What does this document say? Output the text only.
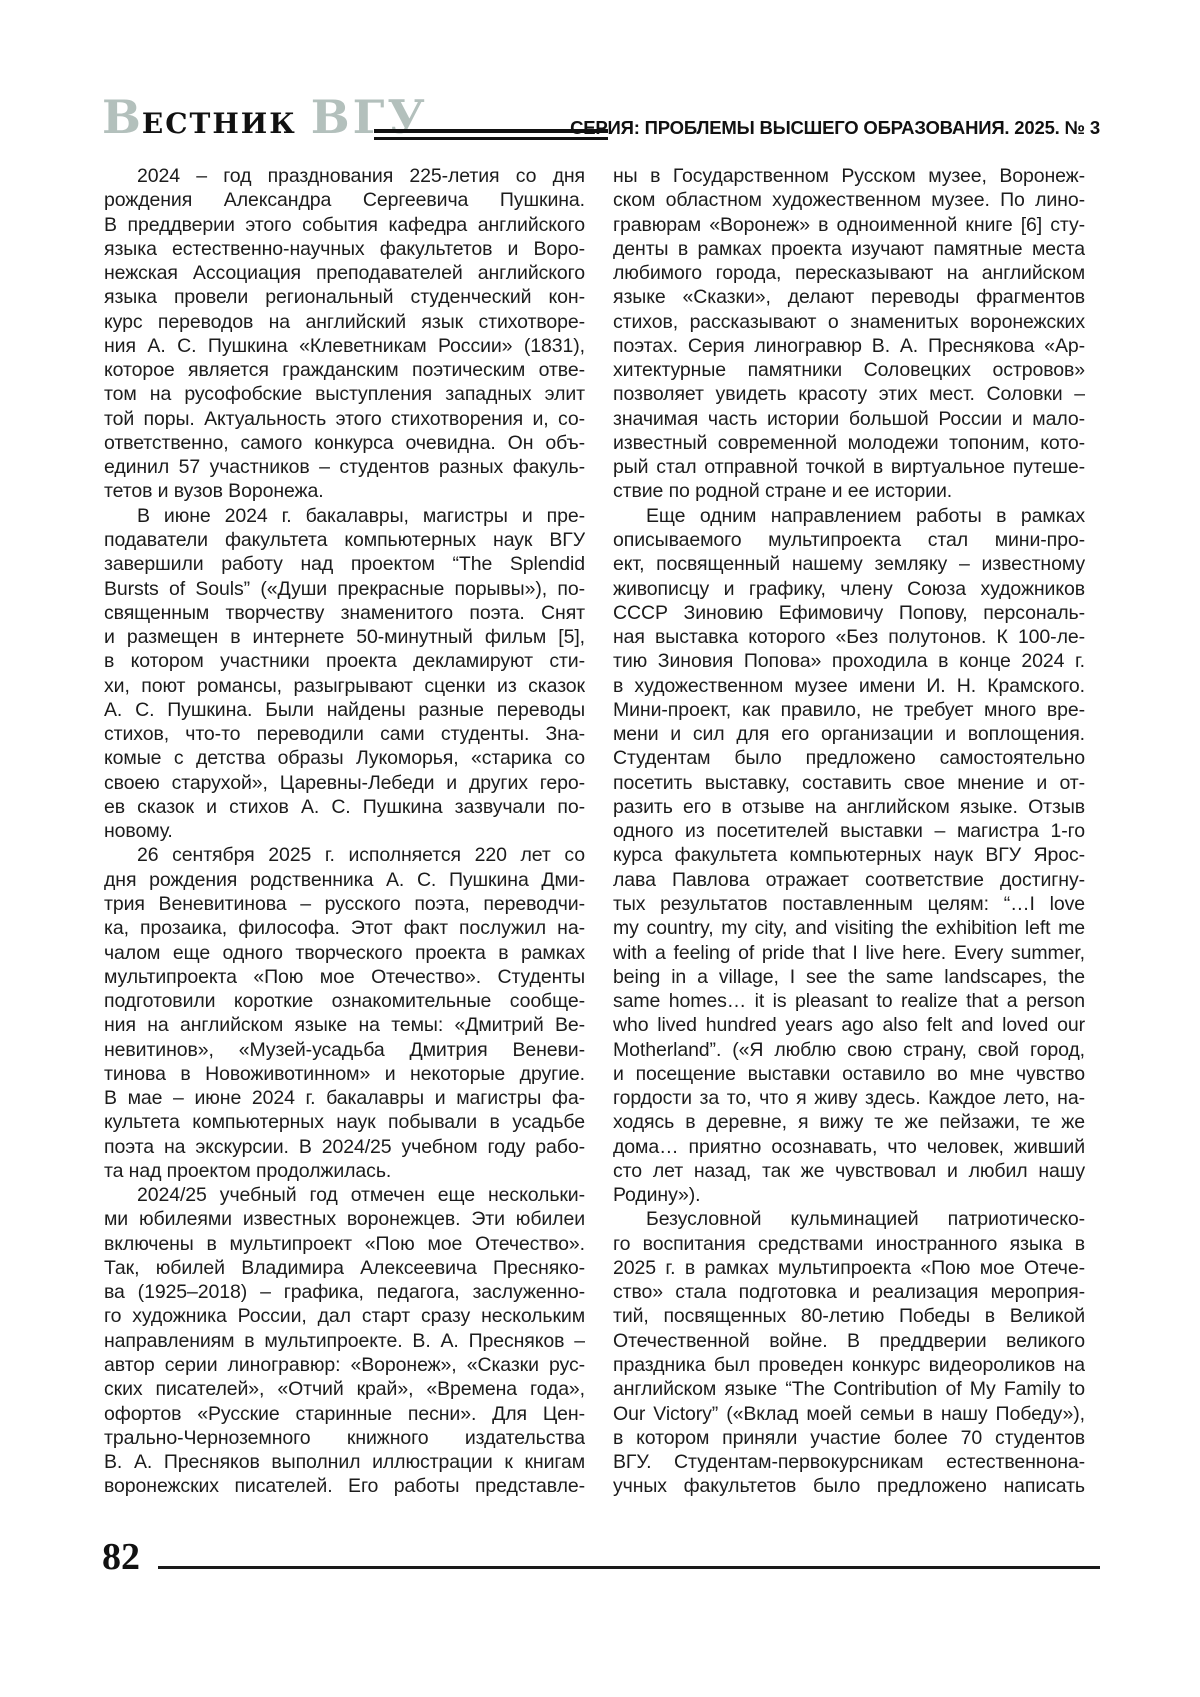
ВЕСТНИК ВГУ	СЕРИЯ: ПРОБЛЕМЫ ВЫСШЕГО ОБРАЗОВАНИЯ. 2025. № 3
2024 – год празднования 225-летия со дня
рождения Александра Сергеевича Пушкина.
В преддверии этого события кафедра английского
языка естественно-научных факультетов и Воро-
нежская Ассоциация преподавателей английского
языка провели региональный студенческий кон-
курс переводов на английский язык стихотворе-
ния А. С. Пушкина «Клеветникам России» (1831),
которое является гражданским поэтическим отве-
том на русофобские выступления западных элит
той поры. Актуальность этого стихотворения и, со-
ответственно, самого конкурса очевидна. Он объ-
единил 57 участников – студентов разных факуль-
тетов и вузов Воронежа.
В июне 2024 г. бакалавры, магистры и пре-
подаватели факультета компьютерных наук ВГУ
завершили работу над проектом “The Splendid
Bursts of Souls” («Души прекрасные порывы»), по-
священным творчеству знаменитого поэта. Снят
и размещен в интернете 50-минутный фильм [5],
в котором участники проекта декламируют сти-
хи, поют романсы, разыгрывают сценки из сказок
А. С. Пушкина. Были найдены разные переводы
стихов, что-то переводили сами студенты. Зна-
комые с детства образы Лукоморья, «старика со
своею старухой», Царевны-Лебеди и других геро-
ев сказок и стихов А. С. Пушкина зазвучали по-
новому.
26 сентября 2025 г. исполняется 220 лет со
дня рождения родственника А. С. Пушкина Дми-
трия Веневитинова – русского поэта, переводчи-
ка, прозаика, философа. Этот факт послужил на-
чалом еще одного творческого проекта в рамках
мультипроекта «Пою мое Отечество». Студенты
подготовили короткие ознакомительные сообще-
ния на английском языке на темы: «Дмитрий Ве-
невитинов», «Музей-усадьба Дмитрия Веневи-
тинова в Новоживотинном» и некоторые другие.
В мае – июне 2024 г. бакалавры и магистры фа-
культета компьютерных наук побывали в усадьбе
поэта на экскурсии. В 2024/25 учебном году рабо-
та над проектом продолжилась.
2024/25 учебный год отмечен еще нескольки-
ми юбилеями известных воронежцев. Эти юбилеи
включены в мультипроект «Пою мое Отечество».
Так, юбилей Владимира Алексеевича Пресняко-
ва (1925–2018) – графика, педагога, заслуженно-
го художника России, дал старт сразу нескольким
направлениям в мультипроекте. В. А. Пресняков –
автор серии линогравюр: «Воронеж», «Сказки рус-
ских писателей», «Отчий край», «Времена года»,
офортов «Русские старинные песни». Для Цен-
трально-Черноземного книжного издательства
В. А. Пресняков выполнил иллюстрации к книгам
воронежских писателей. Его работы представле-
ны в Государственном Русском музее, Воронеж-
ском областном художественном музее. По лино-
гравюрам «Воронеж» в одноименной книге [6] сту-
денты в рамках проекта изучают памятные места
любимого города, пересказывают на английском
языке «Сказки», делают переводы фрагментов
стихов, рассказывают о знаменитых воронежских
поэтах. Серия линогравюр В. А. Преснякова «Ар-
хитектурные памятники Соловецких островов»
позволяет увидеть красоту этих мест. Соловки –
значимая часть истории большой России и мало-
известный современной молодежи топоним, кото-
рый стал отправной точкой в виртуальное путеше-
ствие по родной стране и ее истории.
Еще одним направлением работы в рамках
описываемого мультипроекта стал мини-про-
ект, посвященный нашему земляку – известному
живописцу и графику, члену Союза художников
СССР Зиновию Ефимовичу Попову, персональ-
ная выставка которого «Без полутонов. К 100-ле-
тию Зиновия Попова» проходила в конце 2024 г.
в художественном музее имени И. Н. Крамского.
Мини-проект, как правило, не требует много вре-
мени и сил для его организации и воплощения.
Студентам было предложено самостоятельно
посетить выставку, составить свое мнение и от-
разить его в отзыве на английском языке. Отзыв
одного из посетителей выставки – магистра 1-го
курса факультета компьютерных наук ВГУ Ярос-
лава Павлова отражает соответствие достигну-
тых результатов поставленным целям: “…I love
my country, my city, and visiting the exhibition left me
with a feeling of pride that I live here. Every summer,
being in a village, I see the same landscapes, the
same homes… it is pleasant to realize that a person
who lived hundred years ago also felt and loved our
Motherland”. («Я люблю свою страну, свой город,
и посещение выставки оставило во мне чувство
гордости за то, что я живу здесь. Каждое лето, на-
ходясь в деревне, я вижу те же пейзажи, те же
дома… приятно осознавать, что человек, живший
сто лет назад, так же чувствовал и любил нашу
Родину»).
Безусловной кульминацией патриотическо-
го воспитания средствами иностранного языка в
2025 г. в рамках мультипроекта «Пою мое Отече-
ство» стала подготовка и реализация мероприя-
тий, посвященных 80-летию Победы в Великой
Отечественной войне. В преддверии великого
праздника был проведен конкурс видеороликов на
английском языке “The Contribution of My Family to
Our Victory” («Вклад моей семьи в нашу Победу»),
в котором приняли участие более 70 студентов
ВГУ. Студентам-первокурсникам естественнона-
учных факультетов было предложено написать
82
